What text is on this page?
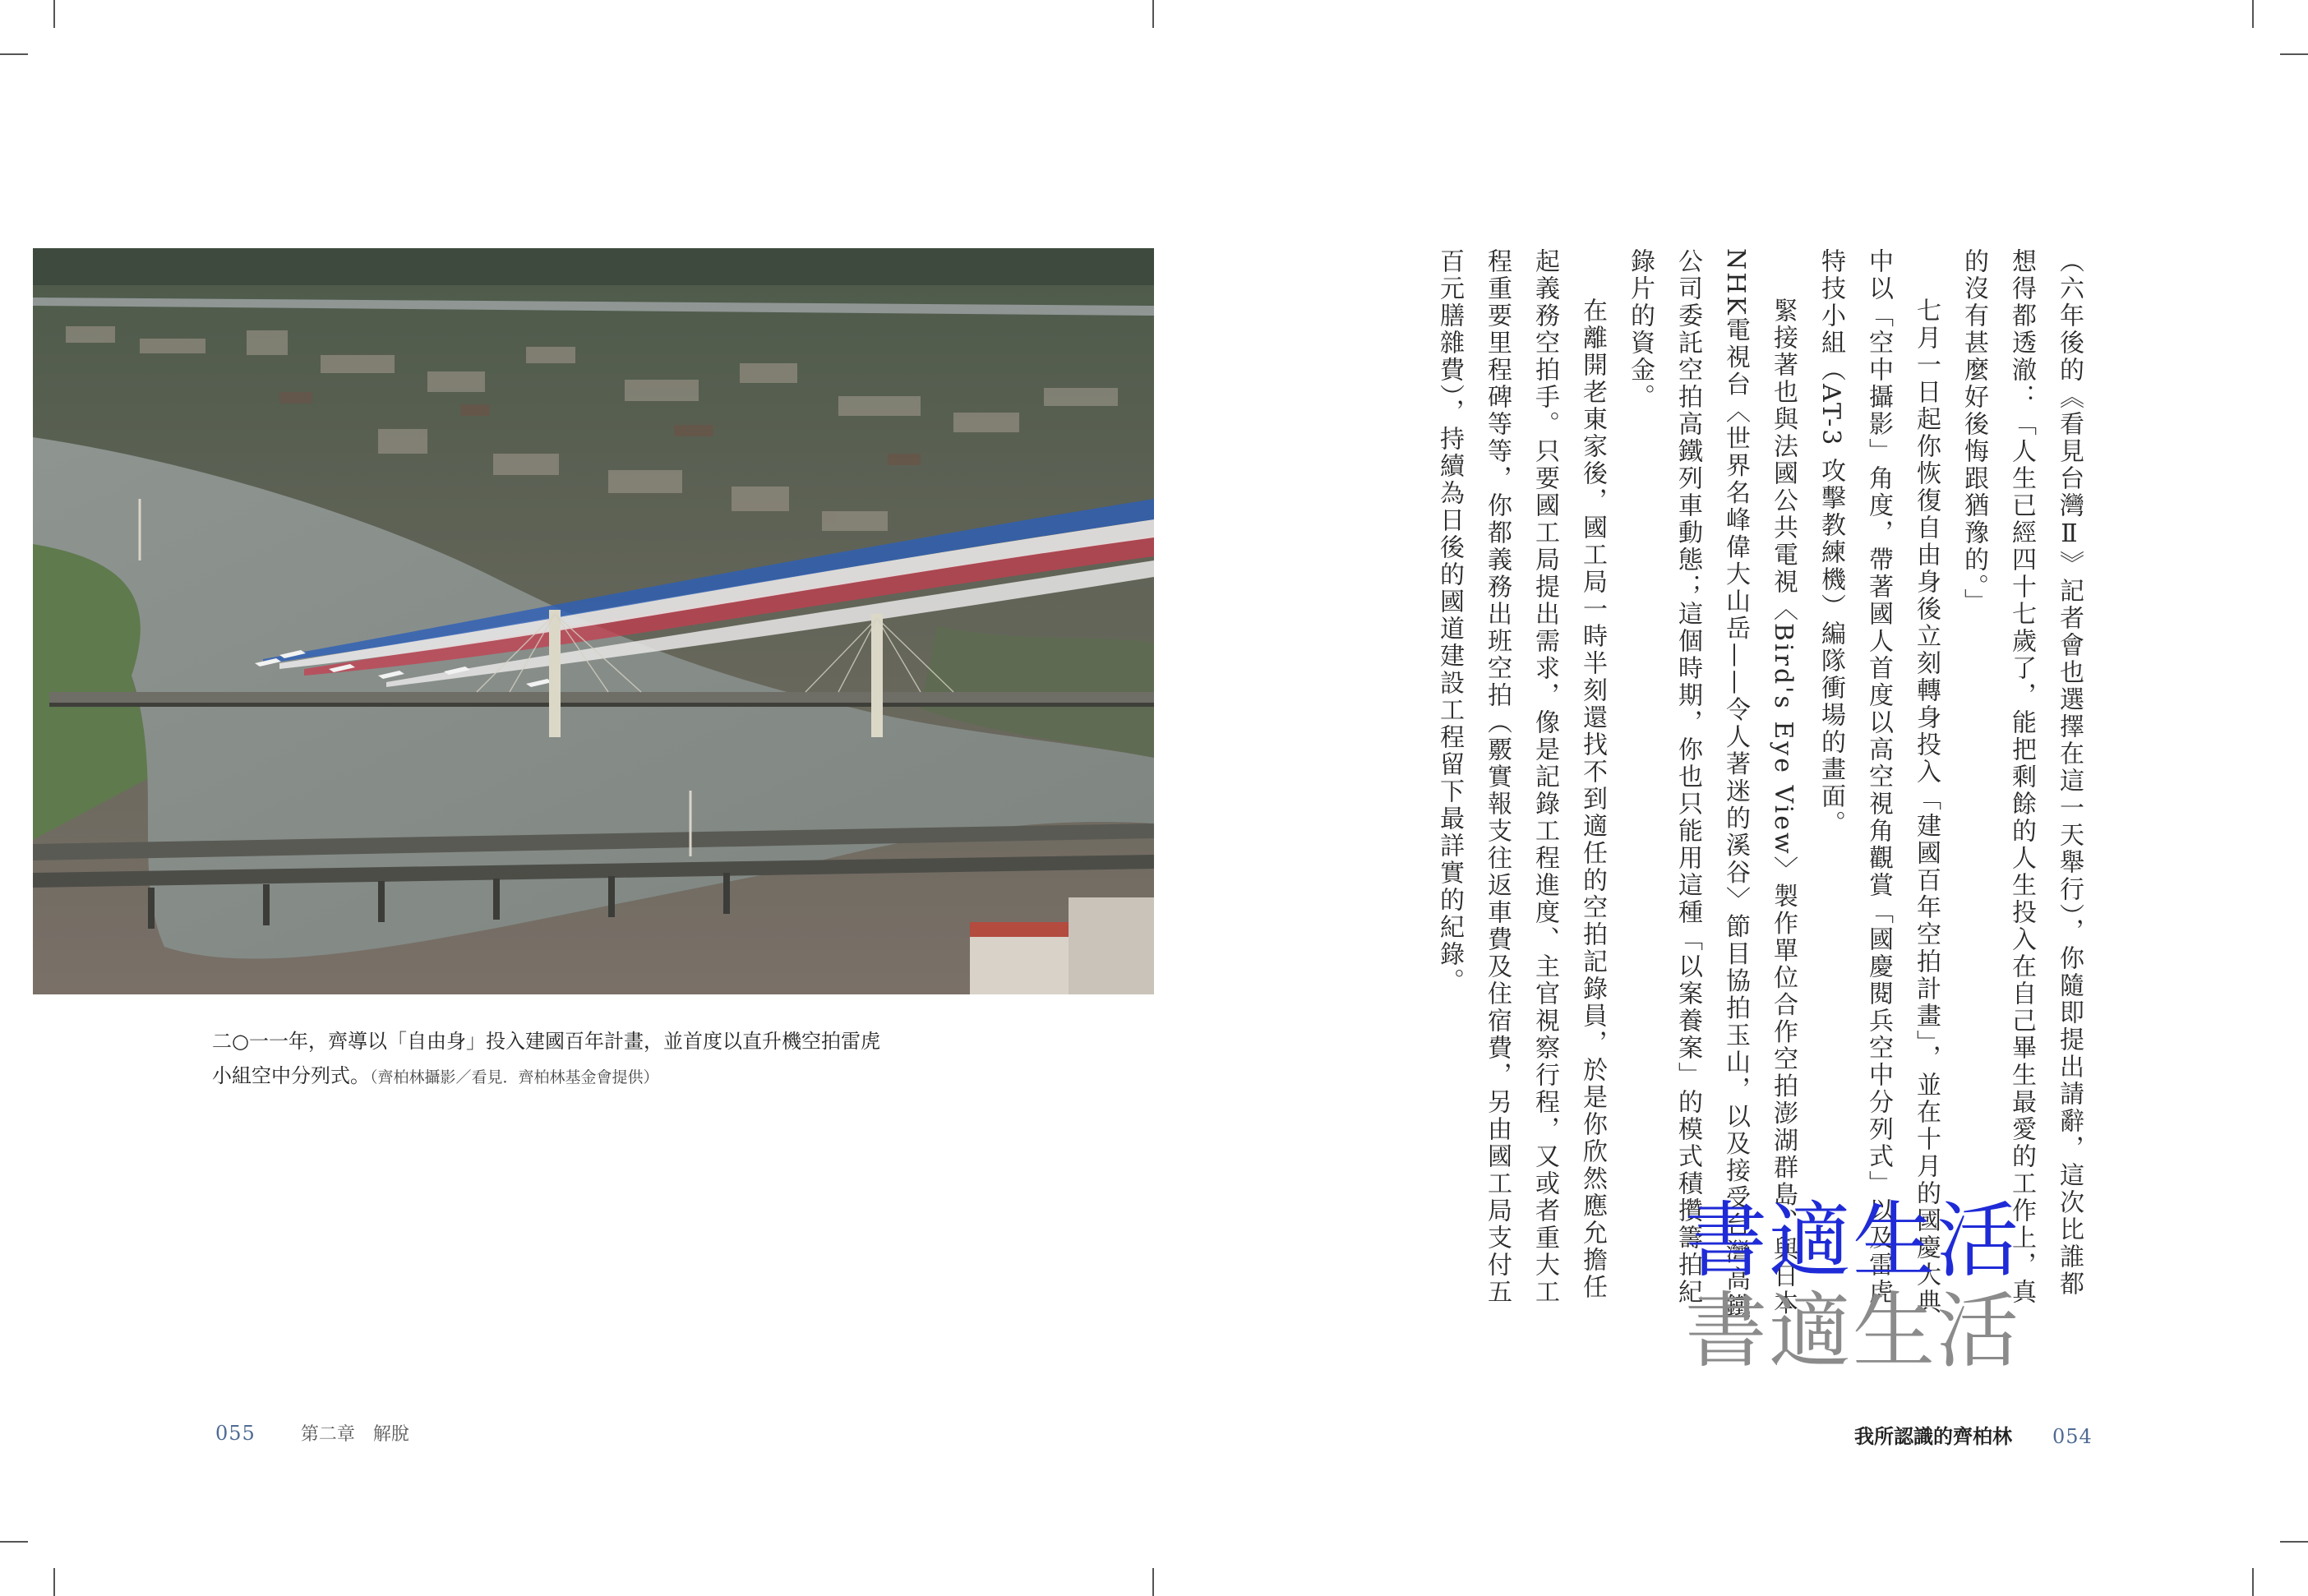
二○一一年，齊導以「自由身」投入建國百年計畫，並首度以直升機空拍雷虎
小組空中分列式。（齊柏林攝影／看見．齊柏林基金會提供）	（六年後的《看見台灣Ⅱ》記者會也選擇在這一天舉行），你隨即提出請辭，這次比誰都想得都透澈：「人生已經四十七歲了，能把剩餘的人生投入在自己畢生最愛的工作上，真的沒有甚麼好後悔跟猶豫的。」

七月一日起你恢復自由身後立刻轉身投入「建國百年空拍計畫」，並在十月的國慶大典中以「空中攝影」角度，帶著國人首度以高空視角觀賞「國慶閱兵空中分列式」以及雷虎特技小組（AT-3 攻擊教練機）編隊衝場的畫面。

緊接著也與法國公共電視〈Bird's Eye View〉製作單位合作空拍澎湖群島、與日本NHK電視台〈世界名峰偉大山岳——令人著迷的溪谷〉節目協拍玉山，以及接受台灣高鐵公司委託空拍高鐵列車動態；這個時期，你也只能用這種「以案養案」的模式積攢籌拍紀錄片的資金。

在離開老東家後，國工局一時半刻還找不到適任的空拍記錄員，於是你欣然應允擔任起義務空拍手。只要國工局提出需求，像是記錄工程進度、主官視察行程，又或者重大工程重要里程碑等等，你都義務出班空拍（覈實報支往返車費及住宿費，另由國工局支付五百元膳雜費），持續為日後的國道建設工程留下最詳實的紀錄。

書適生活
書適生活
055	第二章　解脫	我所認識的齊柏林 054
